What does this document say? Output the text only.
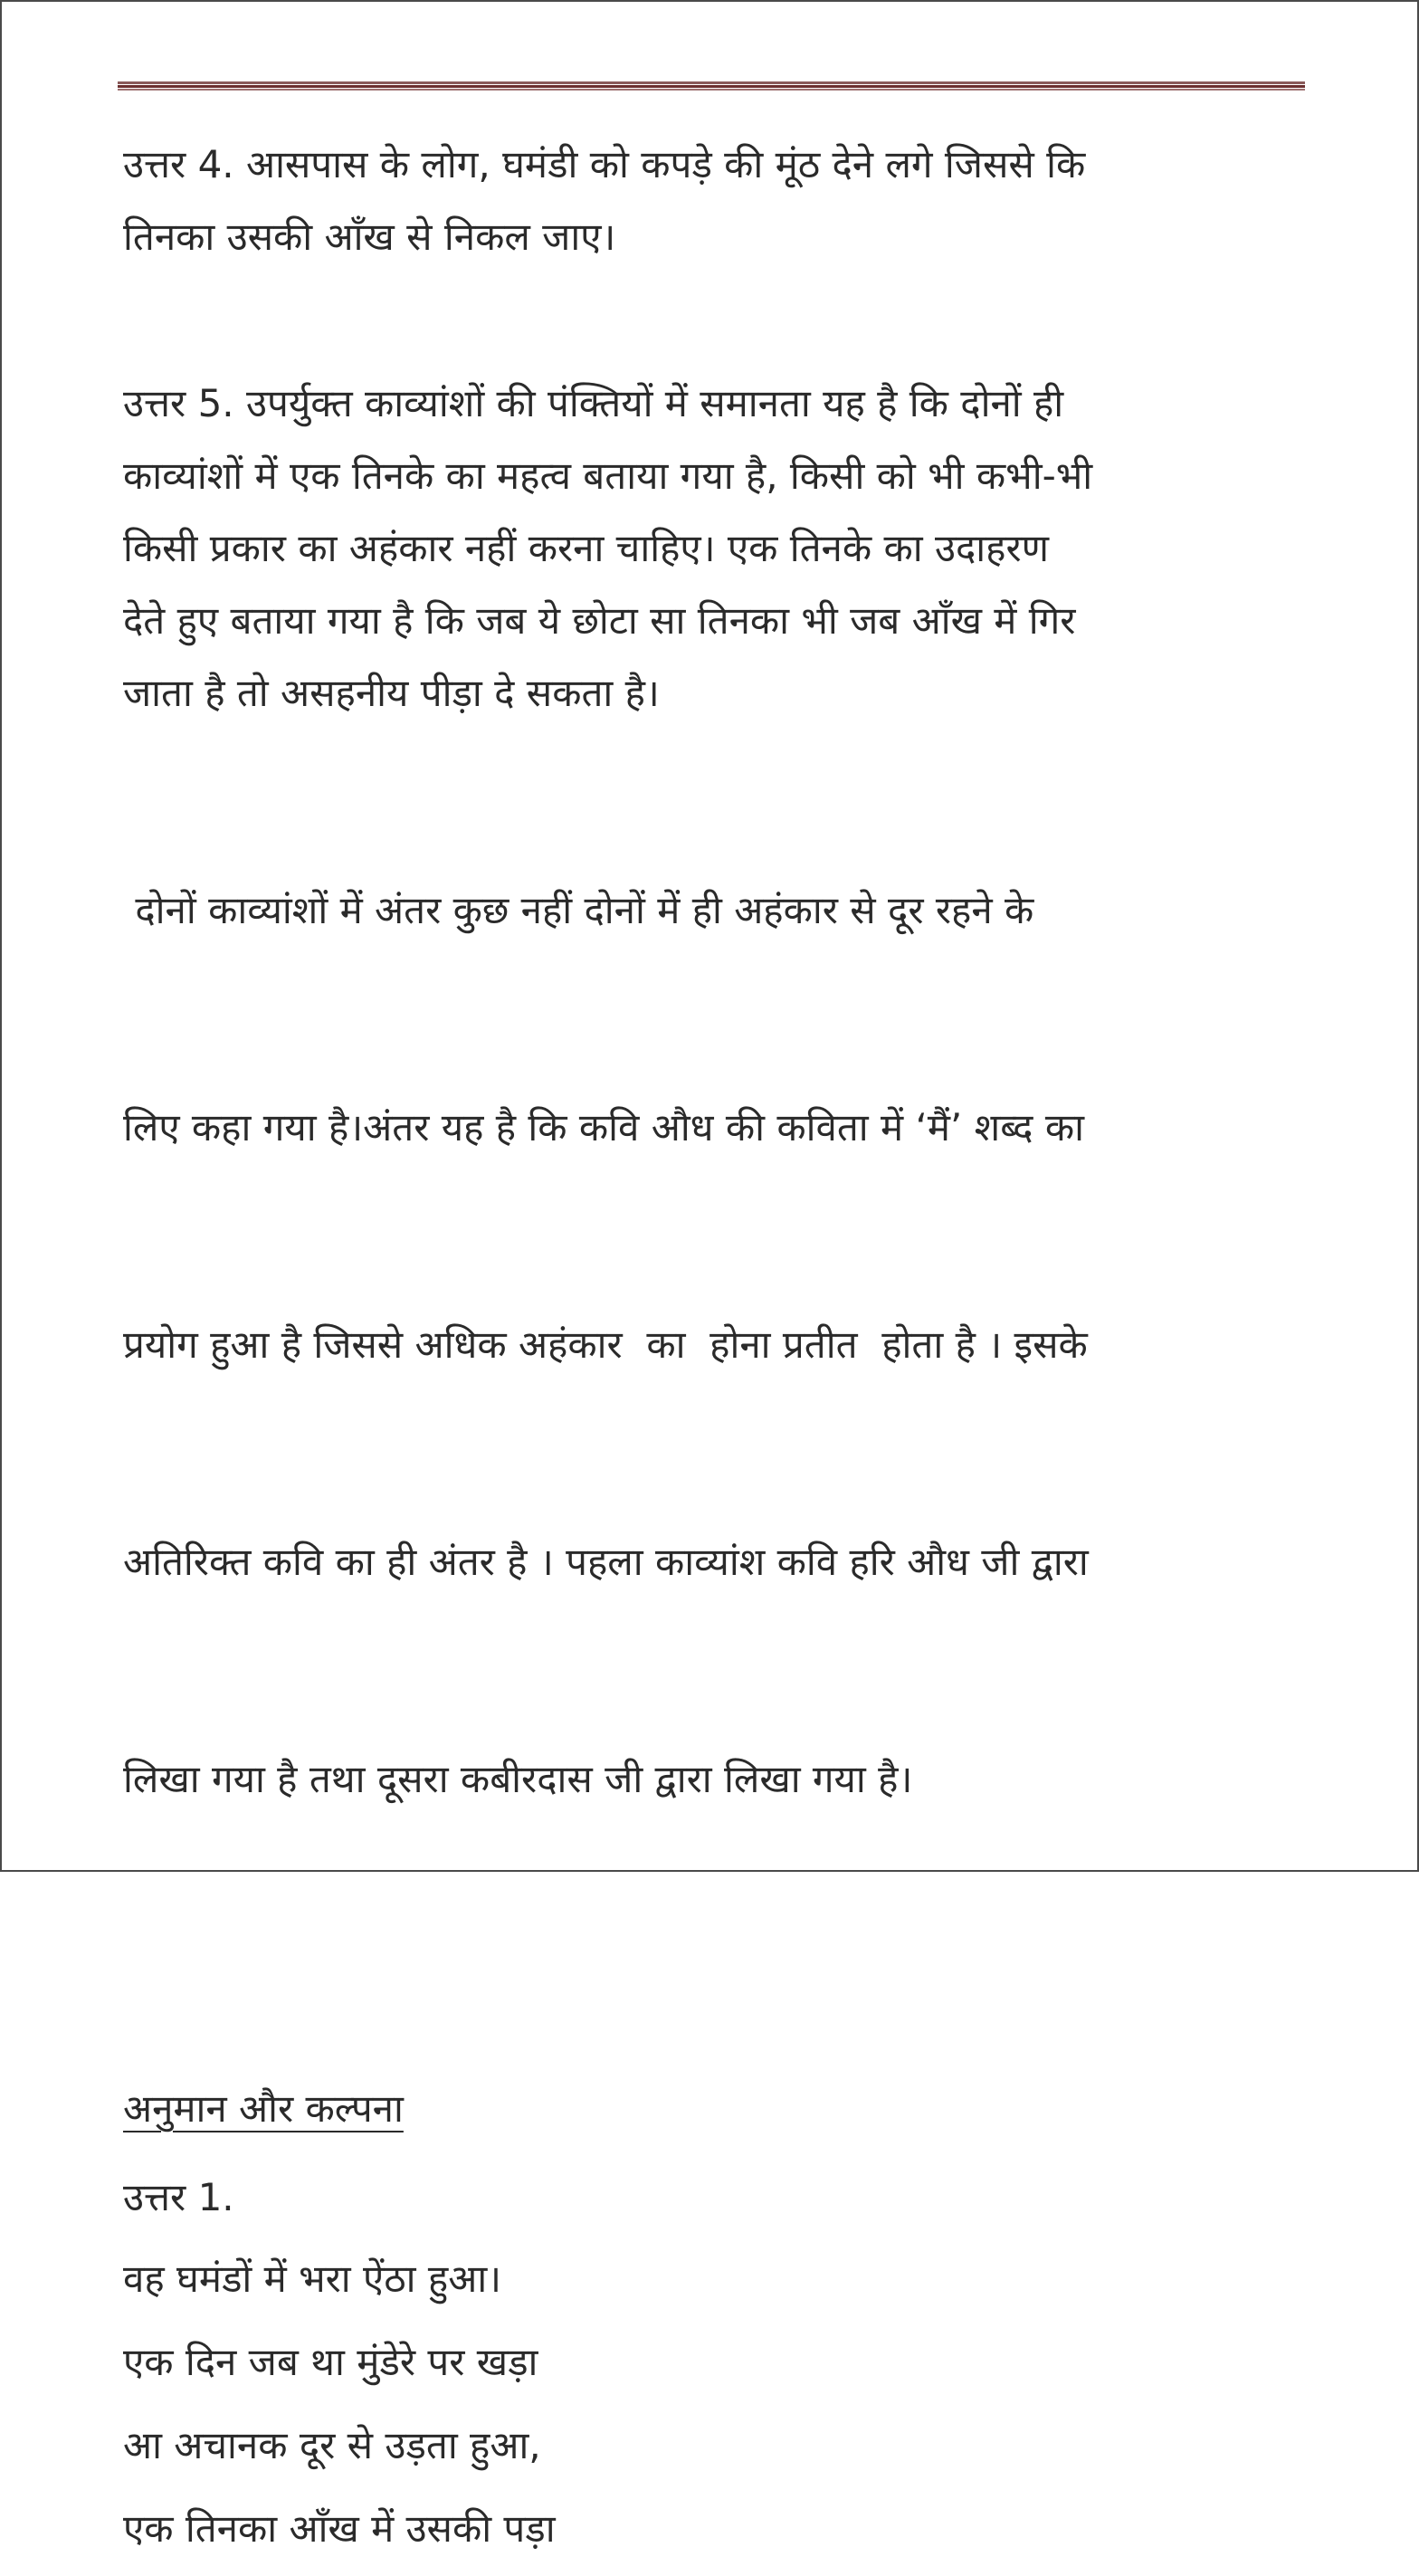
उत्तर 4. आसपास के लोग, घमंडी को कपड़े की मूंठ देने लगे जिससे कि
तिनका उसकी आँख से निकल जाए।
उत्तर 5. उपर्युक्त काव्यांशों की पंक्तियों में समानता यह है कि दोनों ही
काव्यांशों में एक तिनके का महत्व बताया गया है, किसी को भी कभी-भी
किसी प्रकार का अहंकार नहीं करना चाहिए। एक तिनके का उदाहरण
देते हुए बताया गया है कि जब ये छोटा सा तिनका भी जब आँख में गिर
जाता है तो असहनीय पीड़ा दे सकता है।

दोनों काव्यांशों में अंतर कुछ नहीं दोनों में ही अहंकार से दूर रहने के

लिए कहा गया है।अंतर यह है कि कवि औध की कविता में ‘मैं’ शब्द का

प्रयोग हुआ है जिससे अधिक अहंकार  का  होना प्रतीत  होता है । इसके

अतिरिक्त कवि का ही अंतर है । पहला काव्यांश कवि हरि औध जी द्वारा

लिखा गया है तथा दूसरा कबीरदास जी द्वारा लिखा गया है।

अनुमान और कल्पना
उत्तर 1.
वह घमंडों में भरा ऐंठा हुआ।
एक दिन जब था मुंडेरे पर खड़ा
आ अचानक दूर से उड़ता हुआ,
एक तिनका आँख में उसकी पड़ा
